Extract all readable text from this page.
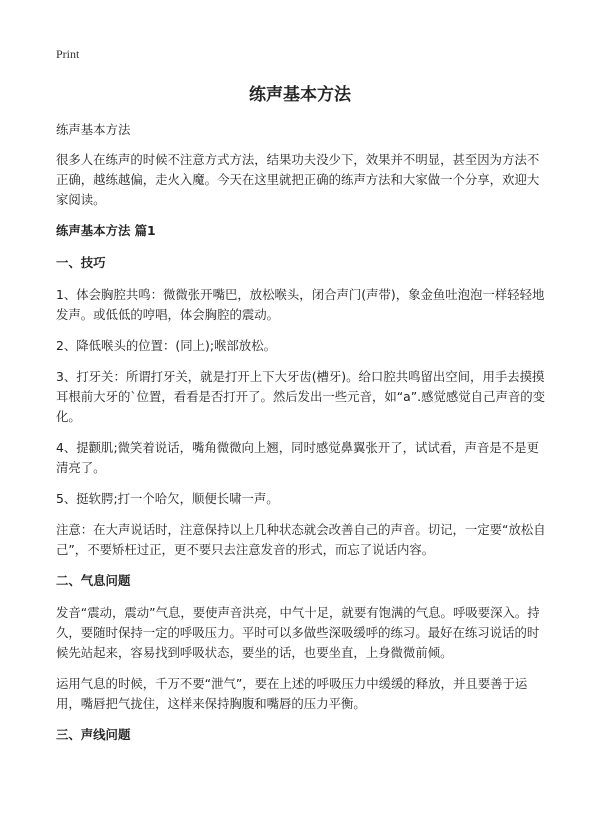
Print
练声基本方法

练声基本方法

很多人在练声的时候不注意方式方法，结果功夫没少下，效果并不明显，甚至因为方法不正确，越练越偏，走火入魔。今天在这里就把正确的练声方法和大家做一个分享，欢迎大家阅读。

练声基本方法 篇1

一、技巧

1、体会胸腔共鸣：微微张开嘴巴，放松喉头，闭合声门(声带)，象金鱼吐泡泡一样轻轻地发声。或低低的哼唱，体会胸腔的震动。

2、降低喉头的位置：(同上);喉部放松。

3、打牙关：所谓打牙关，就是打开上下大牙齿(槽牙)。给口腔共鸣留出空间，用手去摸摸耳根前大牙的`位置，看看是否打开了。然后发出一些元音，如“a”.感觉感觉自己声音的变化。

4、提颧肌;微笑着说话，嘴角微微向上翘，同时感觉鼻翼张开了，试试看，声音是不是更清亮了。

5、挺软腭;打一个哈欠，顺便长啸一声。

注意：在大声说话时，注意保持以上几种状态就会改善自己的声音。切记，一定要“放松自己”，不要矫枉过正，更不要只去注意发音的形式，而忘了说话内容。

二、气息问题

发音“震动，震动”气息，要使声音洪亮，中气十足，就要有饱满的气息。呼吸要深入。持久，要随时保持一定的呼吸压力。平时可以多做些深吸缓呼的练习。最好在练习说话的时候先站起来，容易找到呼吸状态，要坐的话，也要坐直，上身微微前倾。

运用气息的时候，千万不要“泄气”，要在上述的呼吸压力中缓缓的释放，并且要善于运用，嘴唇把气拢住，这样来保持胸腹和嘴唇的压力平衡。

三、声线问题
